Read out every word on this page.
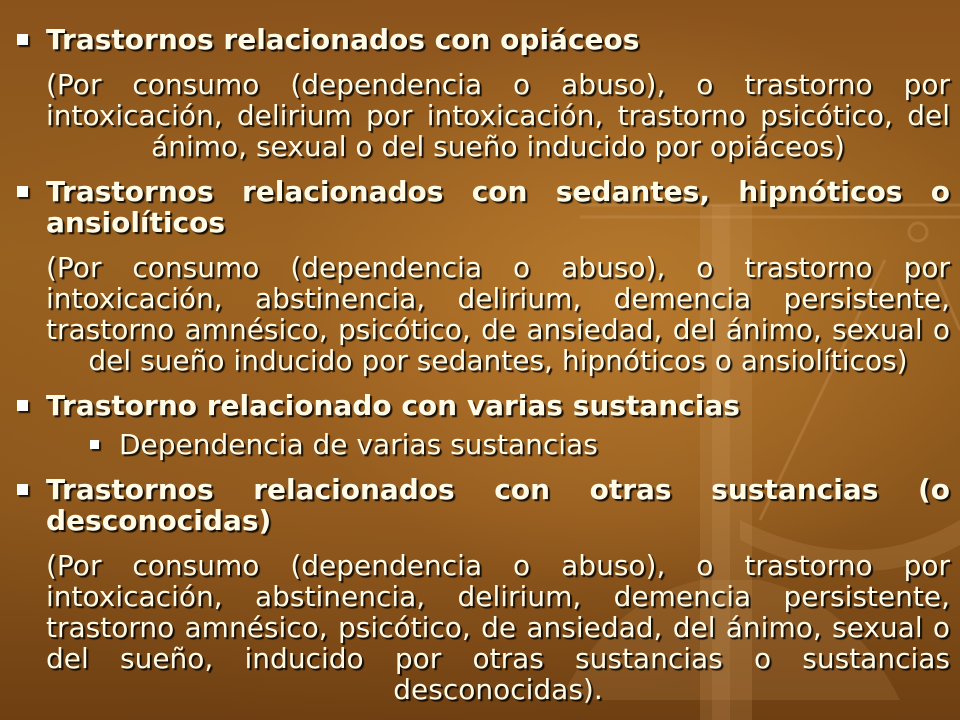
Trastornos relacionados con opiáceos
(Por consumo (dependencia o abuso), o trastorno por intoxicación, delirium por intoxicación, trastorno psicótico, del ánimo, sexual o del sueño inducido por opiáceos)
Trastornos relacionados con sedantes, hipnóticos o ansiolíticos
(Por consumo (dependencia o abuso), o trastorno por intoxicación, abstinencia, delirium, demencia persistente, trastorno amnésico, psicótico, de ansiedad, del ánimo, sexual o del sueño inducido por sedantes, hipnóticos o ansiolíticos)
Trastorno relacionado con varias sustancias
Dependencia de varias sustancias
Trastornos relacionados con otras sustancias (o desconocidas)
(Por consumo (dependencia o abuso), o trastorno por intoxicación, abstinencia, delirium, demencia persistente, trastorno amnésico, psicótico, de ansiedad, del ánimo, sexual o del sueño, inducido por otras sustancias o sustancias desconocidas).
